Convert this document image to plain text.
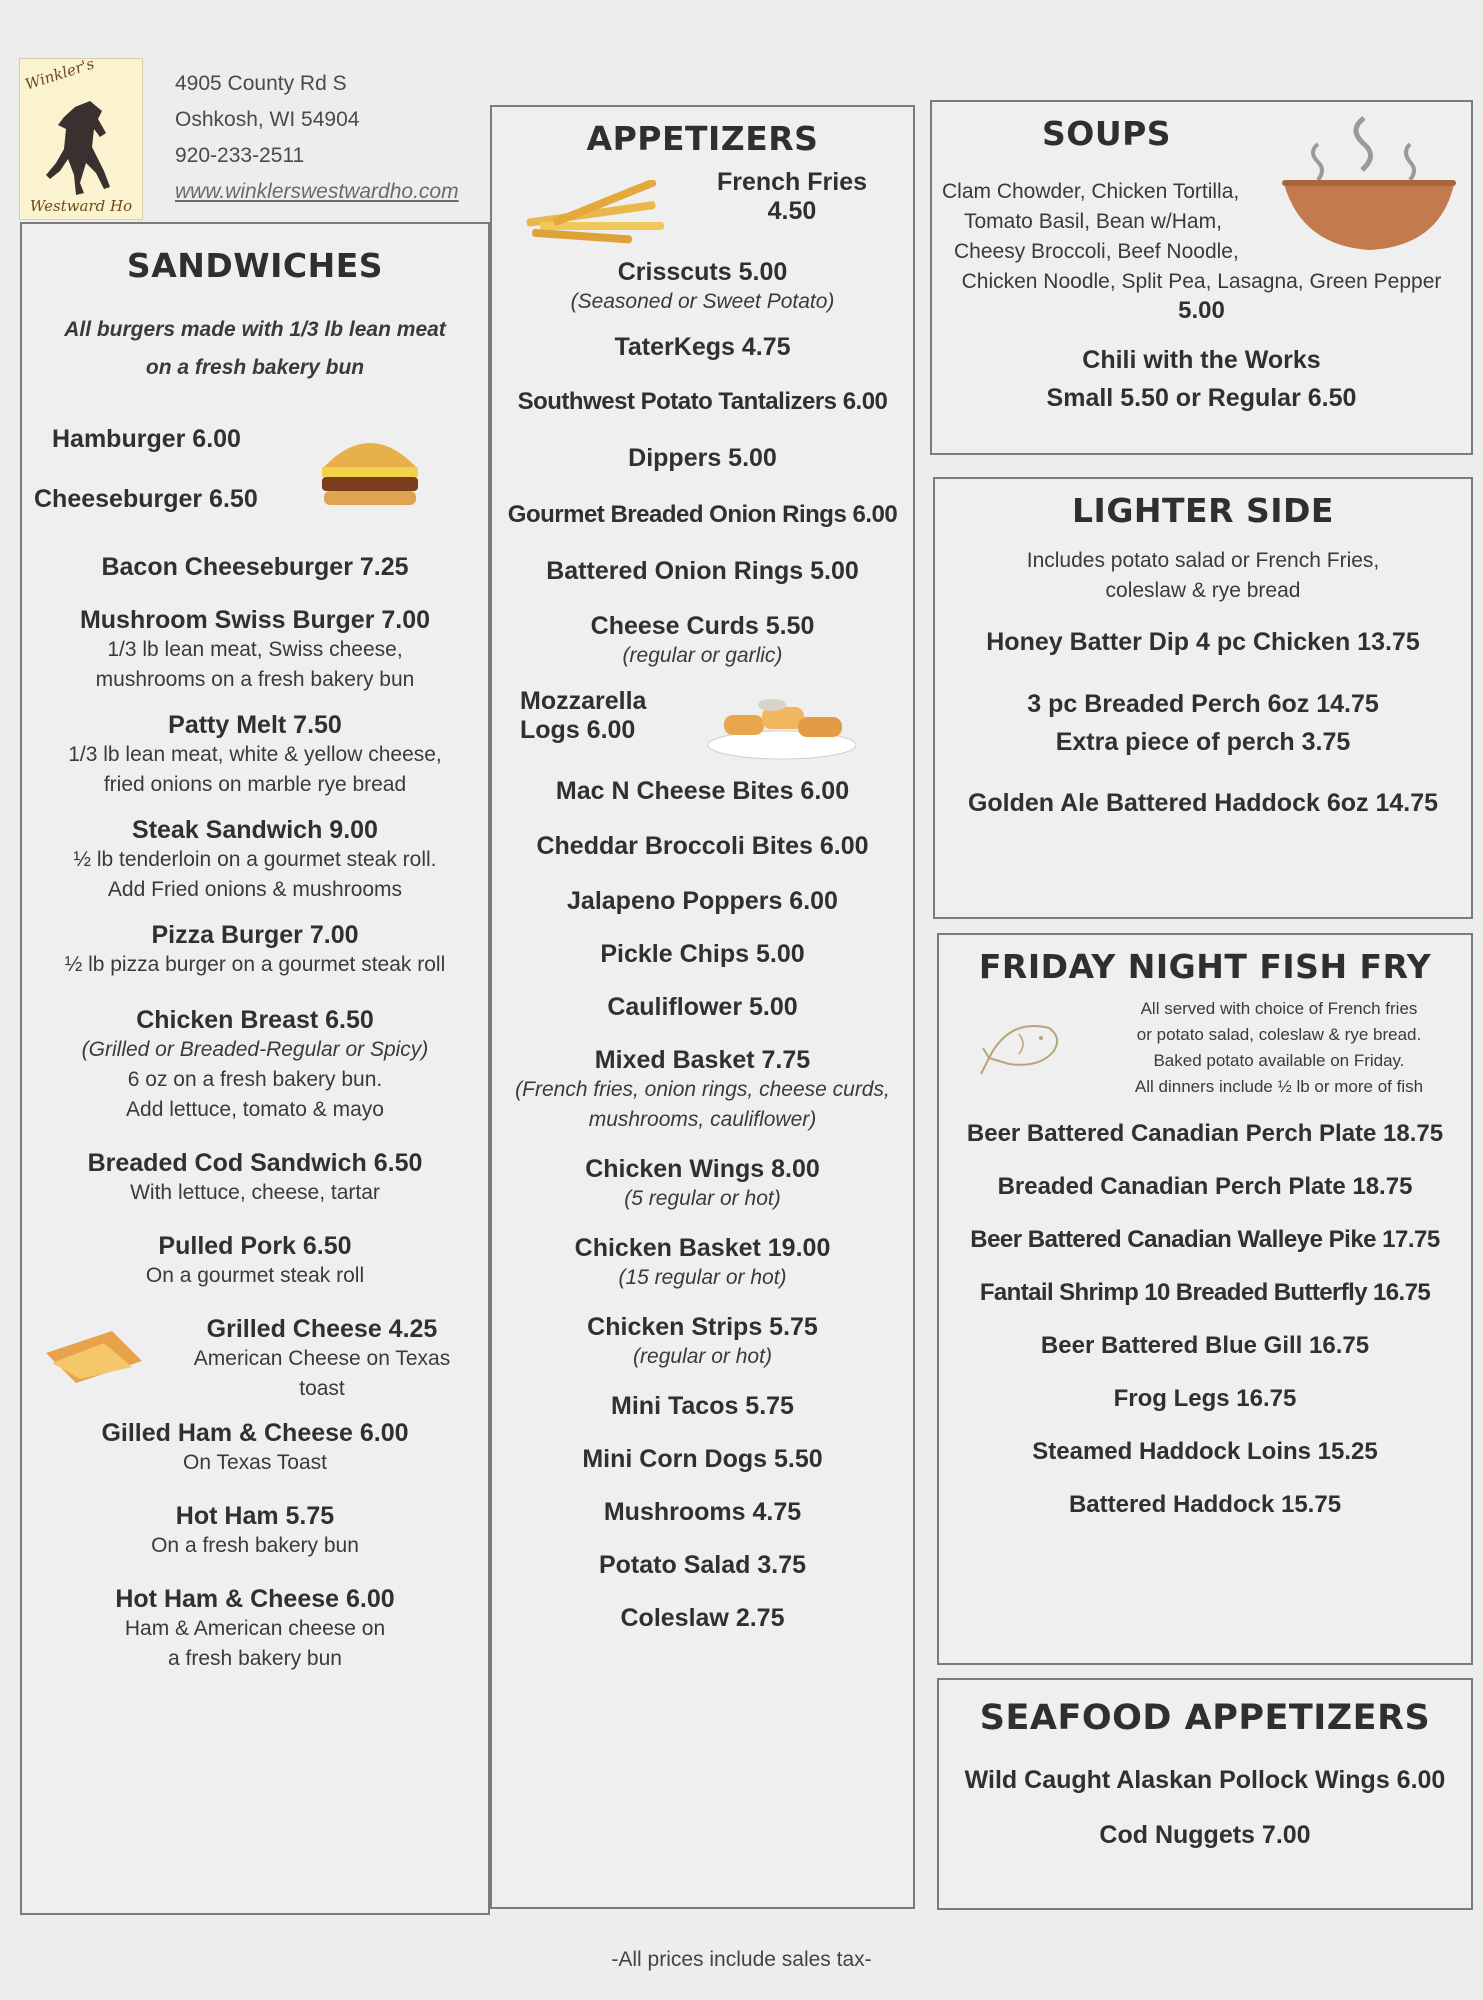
Winkler's
Westward Ho
4905 County Rd S
Oshkosh, WI 54904
920-233-2511
www.winklerswestwardho.com
SANDWICHES
All burgers made with 1/3 lb lean meat
on a fresh bakery bun
Hamburger 6.00
Cheeseburger 6.50
Bacon Cheeseburger 7.25
Mushroom Swiss Burger 7.00
1/3 lb lean meat, Swiss cheese,
mushrooms on a fresh bakery bun
Patty Melt 7.50
1/3 lb lean meat, white & yellow cheese,
fried onions on marble rye bread
Steak Sandwich 9.00
½ lb tenderloin on a gourmet steak roll.
Add Fried onions & mushrooms
Pizza Burger 7.00
½ lb pizza burger on a gourmet steak roll
Chicken Breast 6.50
(Grilled or Breaded-Regular or Spicy)
6 oz on a fresh bakery bun.
Add lettuce, tomato & mayo
Breaded Cod Sandwich 6.50
With lettuce, cheese, tartar
Pulled Pork 6.50
On a gourmet steak roll
Grilled Cheese 4.25
American Cheese on Texas
toast
Gilled Ham & Cheese 6.00
On Texas Toast
Hot Ham 5.75
On a fresh bakery bun
Hot Ham & Cheese 6.00
Ham & American cheese on
a fresh bakery bun
APPETIZERS
French Fries
4.50
Crisscuts 5.00
(Seasoned or Sweet Potato)
TaterKegs 4.75
Southwest Potato Tantalizers 6.00
Dippers 5.00
Gourmet Breaded Onion Rings 6.00
Battered Onion Rings 5.00
Cheese Curds 5.50
(regular or garlic)
Mozzarella
Logs 6.00
Mac N Cheese Bites 6.00
Cheddar Broccoli Bites 6.00
Jalapeno Poppers 6.00
Pickle Chips 5.00
Cauliflower 5.00
Mixed Basket 7.75
(French fries, onion rings, cheese curds,
mushrooms, cauliflower)
Chicken Wings 8.00
(5 regular or hot)
Chicken Basket 19.00
(15 regular or hot)
Chicken Strips 5.75
(regular or hot)
Mini Tacos 5.75
Mini Corn Dogs 5.50
Mushrooms 4.75
Potato Salad 3.75
Coleslaw 2.75
SOUPS
Clam Chowder, Chicken Tortilla,
Tomato Basil, Bean w/Ham,
Cheesy Broccoli, Beef Noodle,
Chicken Noodle, Split Pea, Lasagna, Green Pepper
5.00
Chili with the Works
Small 5.50 or Regular 6.50
LIGHTER SIDE
Includes potato salad or French Fries,
coleslaw & rye bread
Honey Batter Dip 4 pc Chicken 13.75
3 pc Breaded Perch 6oz 14.75
Extra piece of perch 3.75
Golden Ale Battered Haddock 6oz 14.75
FRIDAY NIGHT FISH FRY
All served with choice of French fries
or potato salad, coleslaw & rye bread.
Baked potato available on Friday.
All dinners include ½ lb or more of fish
Beer Battered Canadian Perch Plate 18.75
Breaded Canadian Perch Plate 18.75
Beer Battered Canadian Walleye Pike 17.75
Fantail Shrimp 10 Breaded Butterfly 16.75
Beer Battered Blue Gill 16.75
Frog Legs 16.75
Steamed Haddock Loins 15.25
Battered Haddock 15.75
SEAFOOD APPETIZERS
Wild Caught Alaskan Pollock Wings 6.00
Cod Nuggets 7.00
-All prices include sales tax-
